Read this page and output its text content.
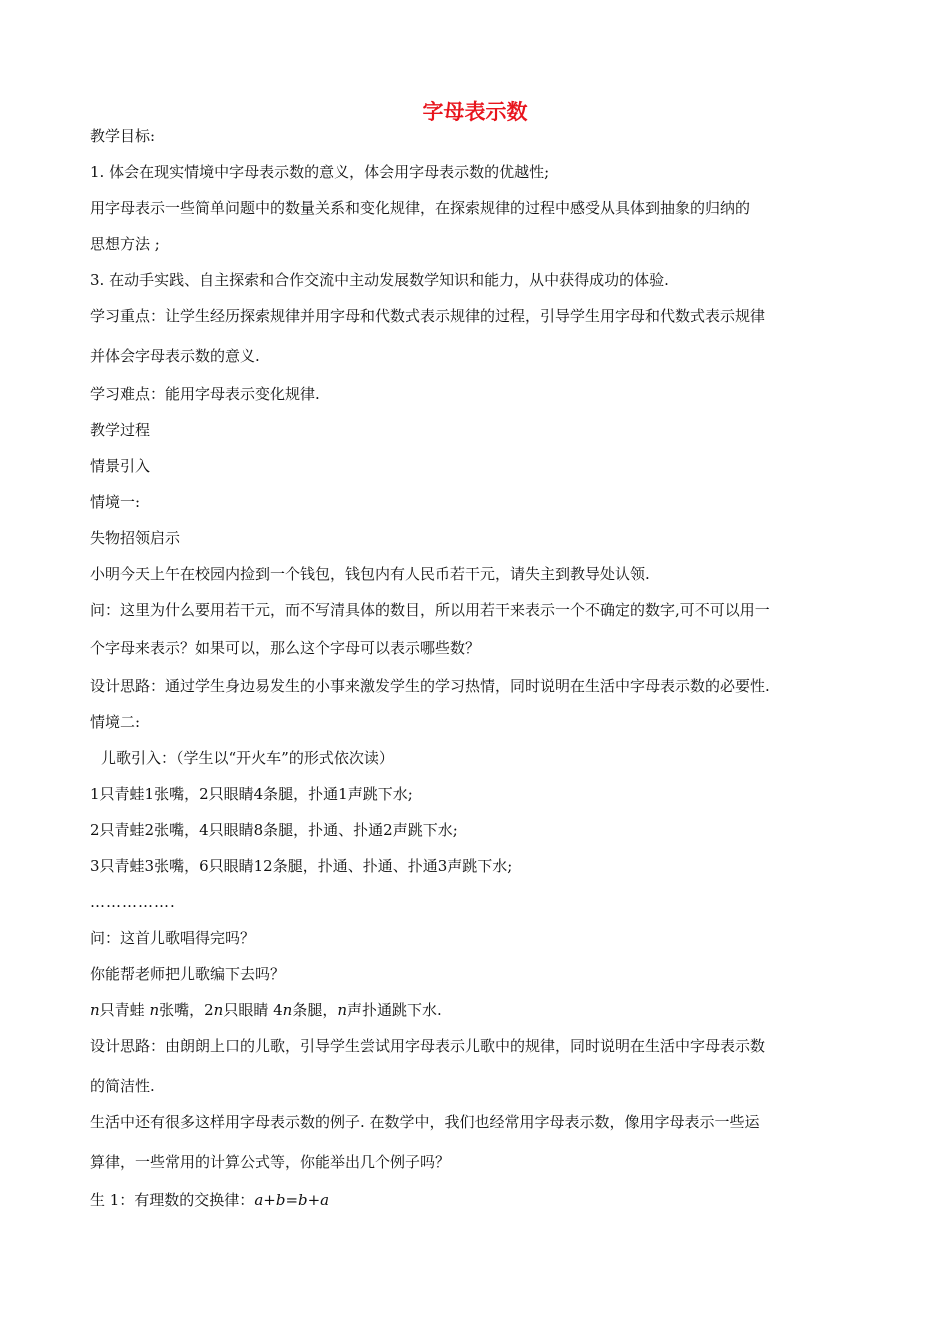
字母表示数
教学目标:
1. 体会在现实情境中字母表示数的意义，体会用字母表示数的优越性;
用字母表示一些简单问题中的数量关系和变化规律，在探索规律的过程中感受从具体到抽象的归纳的
思想方法 ;
3. 在动手实践、自主探索和合作交流中主动发展数学知识和能力，从中获得成功的体验.
学习重点：让学生经历探索规律并用字母和代数式表示规律的过程，引导学生用字母和代数式表示规律
并体会字母表示数的意义.
学习难点：能用字母表示变化规律.
教学过程
情景引入
情境一:
失物招领启示
小明今天上午在校园内捡到一个钱包，钱包内有人民币若干元，请失主到教导处认领.
问：这里为什么要用若干元，而不写清具体的数目，所以用若干来表示一个不确定的数字,可不可以用一
个字母来表示？如果可以，那么这个字母可以表示哪些数？
设计思路：通过学生身边易发生的小事来激发学生的学习热情，同时说明在生活中字母表示数的必要性.
情境二:
儿歌引入：（学生以“开火车”的形式依次读）
1只青蛙1张嘴，2只眼睛4条腿，扑通1声跳下水;
2只青蛙2张嘴，4只眼睛8条腿，扑通、扑通2声跳下水;
3只青蛙3张嘴，6只眼睛12条腿，扑通、扑通、扑通3声跳下水;
…………….
问：这首儿歌唱得完吗？
你能帮老师把儿歌编下去吗？
n只青蛙 n张嘴，2n只眼睛 4n条腿，n声扑通跳下水.
设计思路：由朗朗上口的儿歌，引导学生尝试用字母表示儿歌中的规律，同时说明在生活中字母表示数
的简洁性.
生活中还有很多这样用字母表示数的例子. 在数学中，我们也经常用字母表示数，像用字母表示一些运
算律，一些常用的计算公式等，你能举出几个例子吗？
生 1：有理数的交换律：a+b=b+a
